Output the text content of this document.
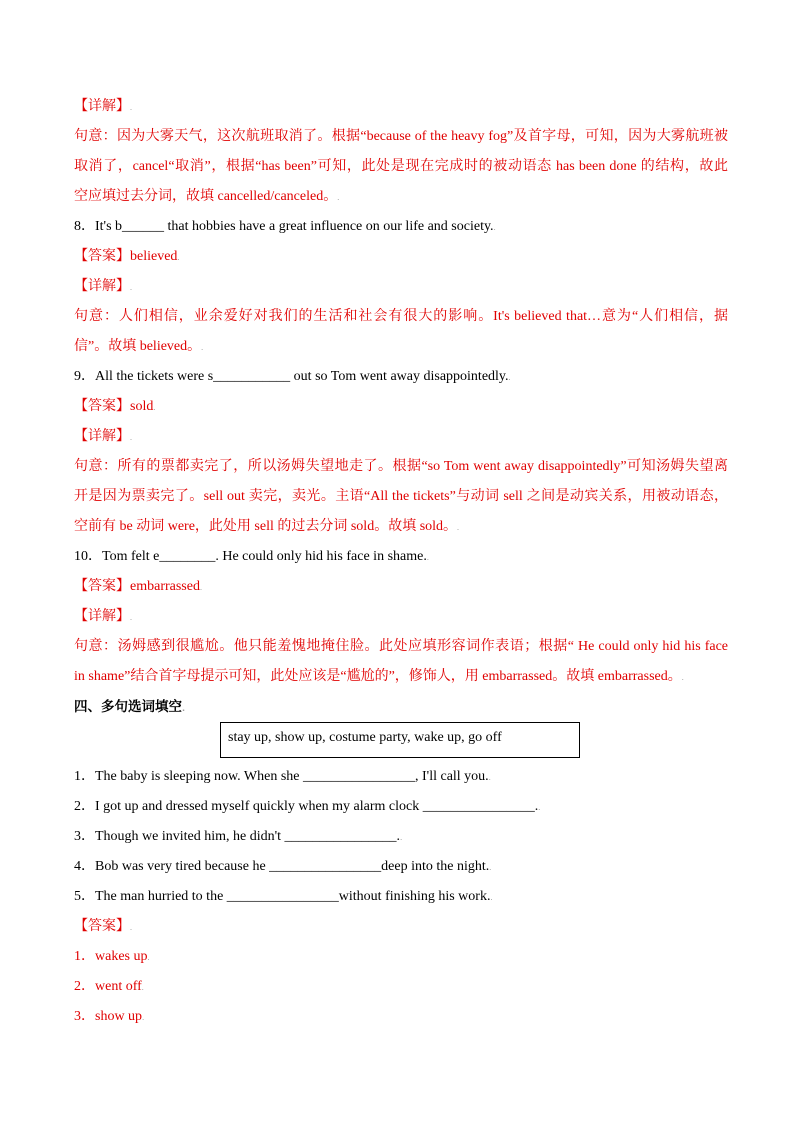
【详解】.
句意：因为大雾天气，这次航班取消了。根据“because of the heavy fog”及首字母，可知，因为大雾航班被
取消了，cancel“取消”，根据“has been”可知，此处是现在完成时的被动语态 has been done 的结构，故此
空应填过去分词，故填 cancelled/canceled。.
8．It's b______ that hobbies have a great influence on our life and society..
【答案】believed.
【详解】.
句意：人们相信，业余爱好对我们的生活和社会有很大的影响。It's believed that…意为“人们相信，据
信”。故填 believed。.
9．All the tickets were s___________ out so Tom went away disappointedly..
【答案】sold.
【详解】.
句意：所有的票都卖完了，所以汤姆失望地走了。根据“so Tom went away disappointedly”可知汤姆失望离
开是因为票卖完了。sell out 卖完，卖光。主语“All the tickets”与动词 sell 之间是动宾关系，用被动语态，
空前有 be 动词 were，此处用 sell 的过去分词 sold。故填 sold。.
10．Tom felt e________. He could only hid his face in shame..
【答案】embarrassed.
【详解】.
句意：汤姆感到很尴尬。他只能羞愧地掩住脸。此处应填形容词作表语；根据“ He could only hid his face
in shame”结合首字母提示可知，此处应该是“尴尬的”，修饰人，用 embarrassed。故填 embarrassed。.
四、多句选词填空.
stay up, show up, costume party, wake up, go off
1．The baby is sleeping now. When she ________________, I'll call you..
2．I got up and dressed myself quickly when my alarm clock ________________..
3．Though we invited him, he didn't ________________..
4．Bob was very tired because he ________________deep into the night..
5．The man hurried to the ________________without finishing his work..
【答案】.
1．wakes up.
2．went off.
3．show up.
